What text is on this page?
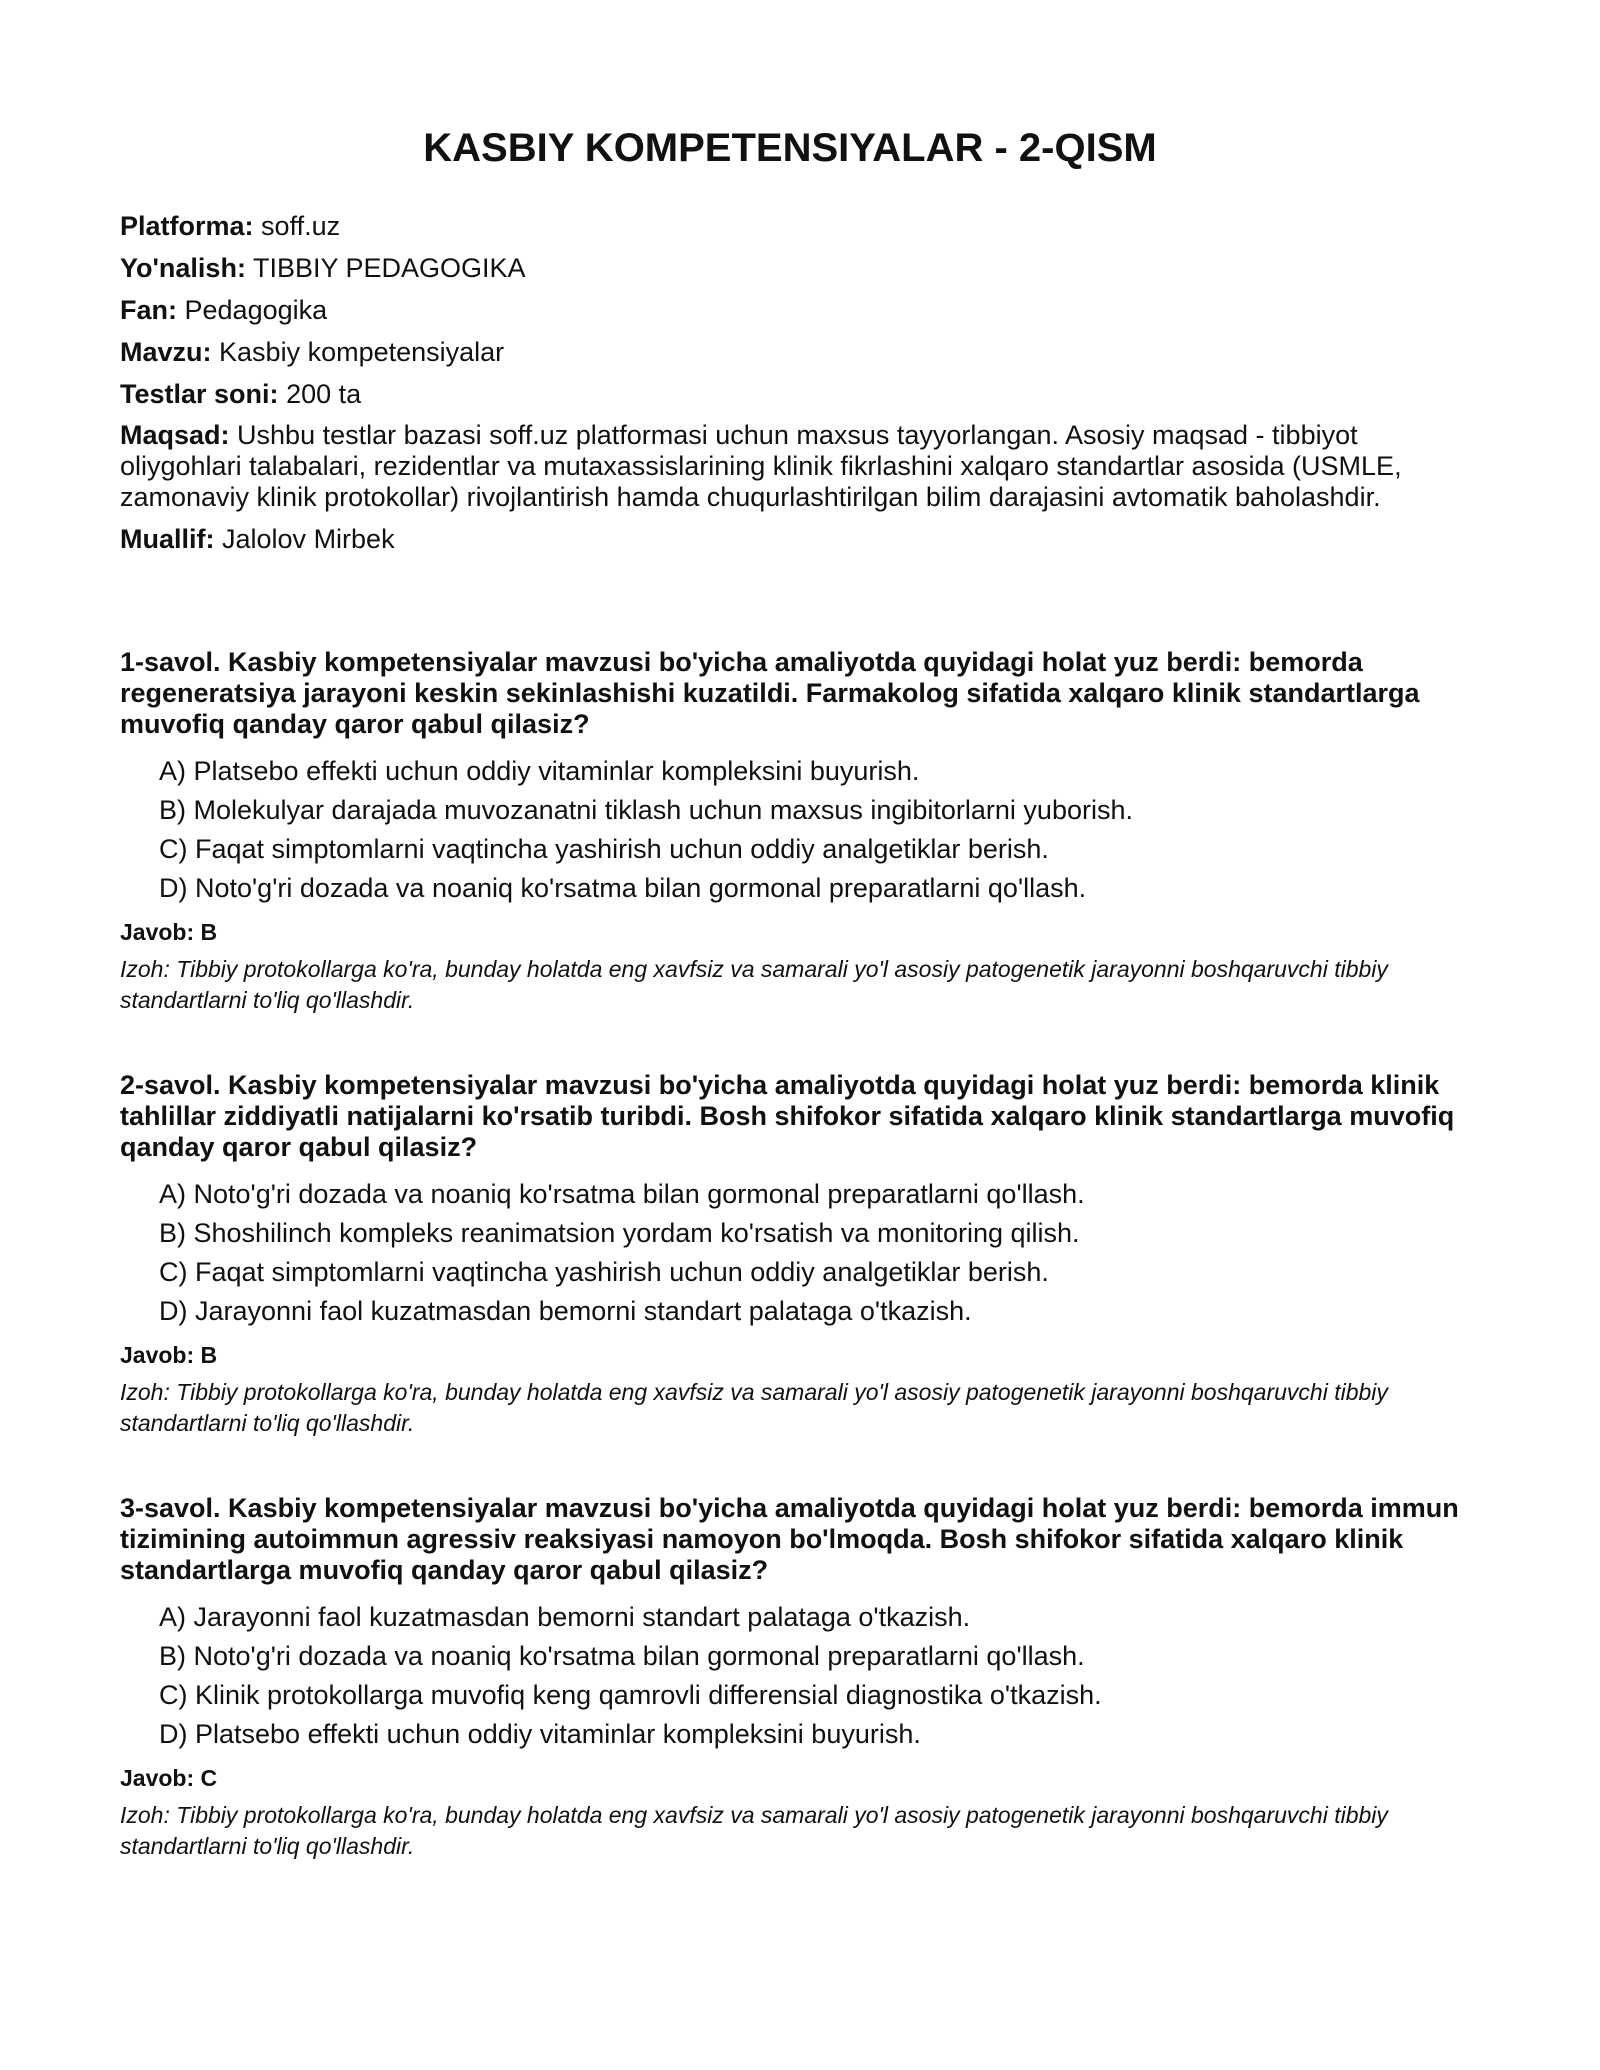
KASBIY KOMPETENSIYALAR - 2-QISM

Platforma: soff.uz

Yo'nalish: TIBBIY PEDAGOGIKA

Fan: Pedagogika

Mavzu: Kasbiy kompetensiyalar

Testlar soni: 200 ta

Maqsad: Ushbu testlar bazasi soff.uz platformasi uchun maxsus tayyorlangan. Asosiy maqsad - tibbiyot oliygohlari talabalari, rezidentlar va mutaxassislarining klinik fikrlashini xalqaro standartlar asosida (USMLE, zamonaviy klinik protokollar) rivojlantirish hamda chuqurlashtirilgan bilim darajasini avtomatik baholashdir.

Muallif: Jalolov Mirbek

1-savol. Kasbiy kompetensiyalar mavzusi bo'yicha amaliyotda quyidagi holat yuz berdi: bemorda regeneratsiya jarayoni keskin sekinlashishi kuzatildi. Farmakolog sifatida xalqaro klinik standartlarga muvofiq qanday qaror qabul qilasiz?

A) Platsebo effekti uchun oddiy vitaminlar kompleksini buyurish.
B) Molekulyar darajada muvozanatni tiklash uchun maxsus ingibitorlarni yuborish.
C) Faqat simptomlarni vaqtincha yashirish uchun oddiy analgetiklar berish.
D) Noto'g'ri dozada va noaniq ko'rsatma bilan gormonal preparatlarni qo'llash.

Javob: B

Izoh: Tibbiy protokollarga ko'ra, bunday holatda eng xavfsiz va samarali yo'l asosiy patogenetik jarayonni boshqaruvchi tibbiy standartlarni to'liq qo'llashdir.

2-savol. Kasbiy kompetensiyalar mavzusi bo'yicha amaliyotda quyidagi holat yuz berdi: bemorda klinik tahlillar ziddiyatli natijalarni ko'rsatib turibdi. Bosh shifokor sifatida xalqaro klinik standartlarga muvofiq qanday qaror qabul qilasiz?

A) Noto'g'ri dozada va noaniq ko'rsatma bilan gormonal preparatlarni qo'llash.
B) Shoshilinch kompleks reanimatsion yordam ko'rsatish va monitoring qilish.
C) Faqat simptomlarni vaqtincha yashirish uchun oddiy analgetiklar berish.
D) Jarayonni faol kuzatmasdan bemorni standart palataga o'tkazish.

Javob: B

Izoh: Tibbiy protokollarga ko'ra, bunday holatda eng xavfsiz va samarali yo'l asosiy patogenetik jarayonni boshqaruvchi tibbiy standartlarni to'liq qo'llashdir.

3-savol. Kasbiy kompetensiyalar mavzusi bo'yicha amaliyotda quyidagi holat yuz berdi: bemorda immun tizimining autoimmun agressiv reaksiyasi namoyon bo'lmoqda. Bosh shifokor sifatida xalqaro klinik standartlarga muvofiq qanday qaror qabul qilasiz?

A) Jarayonni faol kuzatmasdan bemorni standart palataga o'tkazish.
B) Noto'g'ri dozada va noaniq ko'rsatma bilan gormonal preparatlarni qo'llash.
C) Klinik protokollarga muvofiq keng qamrovli differensial diagnostika o'tkazish.
D) Platsebo effekti uchun oddiy vitaminlar kompleksini buyurish.

Javob: C

Izoh: Tibbiy protokollarga ko'ra, bunday holatda eng xavfsiz va samarali yo'l asosiy patogenetik jarayonni boshqaruvchi tibbiy standartlarni to'liq qo'llashdir.
